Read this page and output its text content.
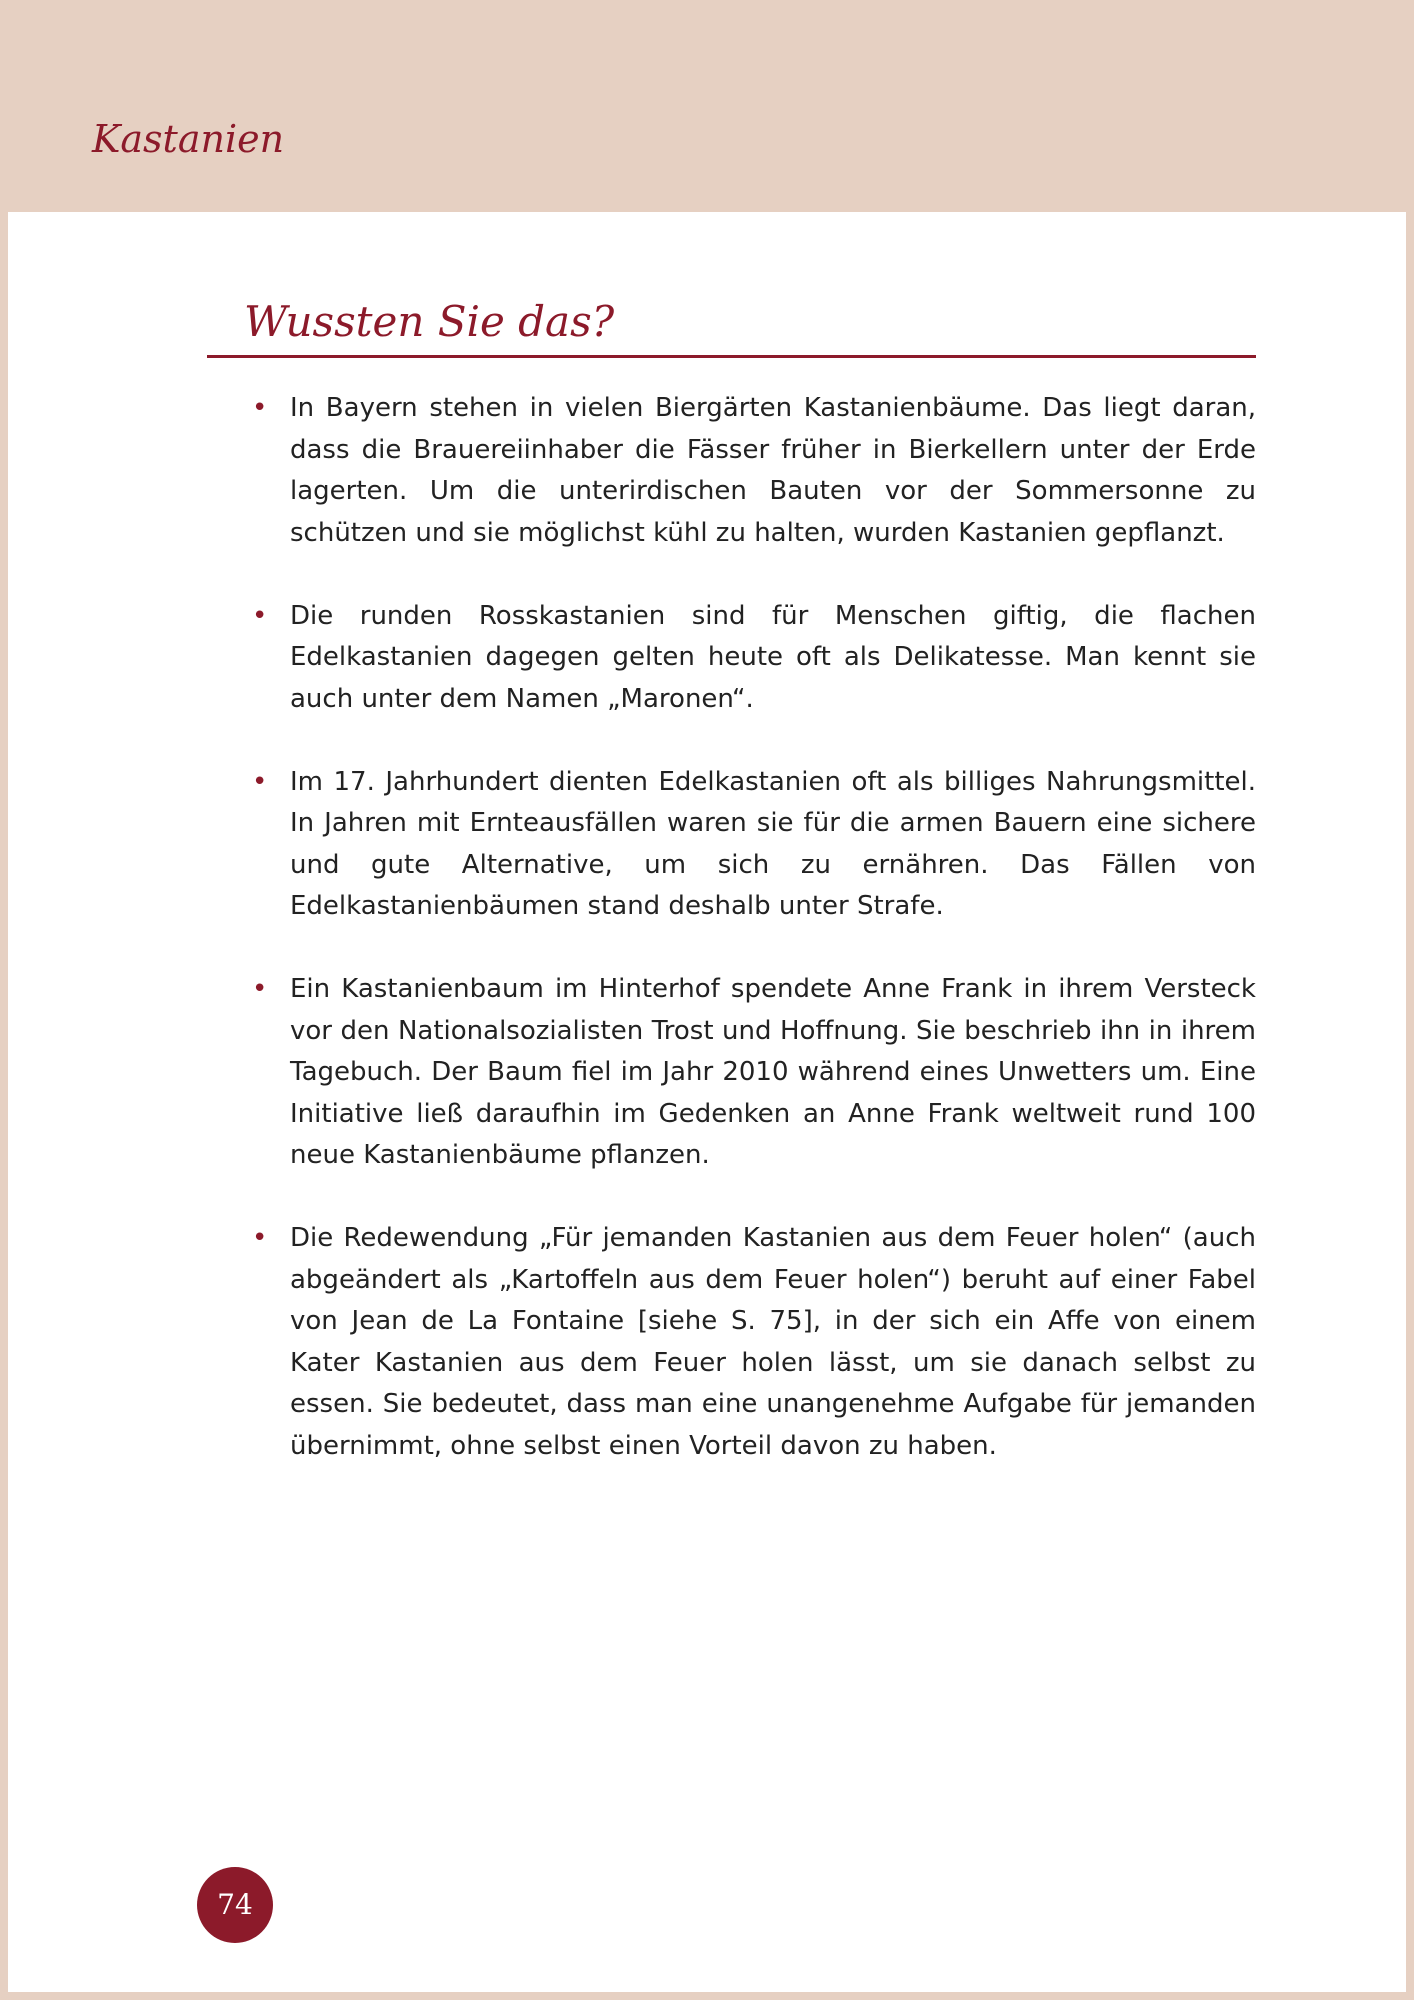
Kastanien
Wussten Sie das?
• In Bayern stehen in vielen Biergärten Kastanienbäume. Das liegt daran, dass die Brauereiinhaber die Fässer früher in Bierkellern unter der Erde lagerten. Um die unterirdischen Bauten vor der Sommersonne zu schützen und sie möglichst kühl zu halten, wurden Kastanien gepflanzt.
• Die runden Rosskastanien sind für Menschen giftig, die flachen Edelkastanien dagegen gelten heute oft als Delikatesse. Man kennt sie auch unter dem Namen „Maronen“.
• Im 17. Jahrhundert dienten Edelkastanien oft als billiges Nahrungsmittel. In Jahren mit Ernteausfällen waren sie für die armen Bauern eine sichere und gute Alternative, um sich zu ernähren. Das Fällen von Edelkastanienbäumen stand deshalb unter Strafe.
• Ein Kastanienbaum im Hinterhof spendete Anne Frank in ihrem Versteck vor den Nationalsozialisten Trost und Hoffnung. Sie beschrieb ihn in ihrem Tagebuch. Der Baum fiel im Jahr 2010 während eines Unwetters um. Eine Initiative ließ daraufhin im Gedenken an Anne Frank weltweit rund 100 neue Kastanienbäume pflanzen.
• Die Redewendung „Für jemanden Kastanien aus dem Feuer holen“ (auch abgeändert als „Kartoffeln aus dem Feuer holen“) beruht auf einer Fabel von Jean de La Fontaine [siehe S. 75], in der sich ein Affe von einem Kater Kastanien aus dem Feuer holen lässt, um sie danach selbst zu essen. Sie bedeutet, dass man eine unangenehme Aufgabe für jemanden übernimmt, ohne selbst einen Vorteil davon zu haben.
74
